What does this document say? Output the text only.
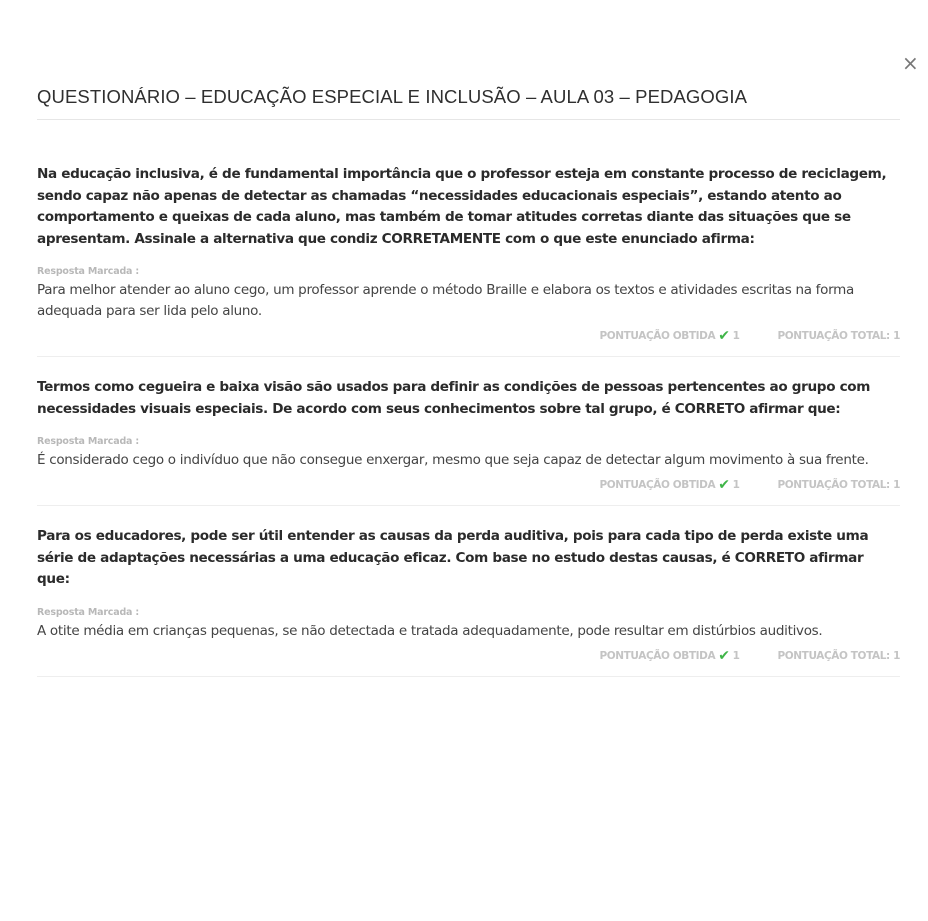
×
QUESTIONÁRIO – EDUCAÇÃO ESPECIAL E INCLUSÃO – AULA 03 – PEDAGOGIA

Na educação inclusiva, é de fundamental importância que o professor esteja em constante processo de reciclagem, sendo capaz não apenas de detectar as chamadas “necessidades educacionais especiais”, estando atento ao comportamento e queixas de cada aluno, mas também de tomar atitudes corretas diante das situações que se apresentam. Assinale a alternativa que condiz CORRETAMENTE com o que este enunciado afirma:

Resposta Marcada :
Para melhor atender ao aluno cego, um professor aprende o método Braille e elabora os textos e atividades escritas na forma adequada para ser lida pelo aluno.
PONTUAÇÃO OBTIDA ✔ 1	PONTUAÇÃO TOTAL: 1

Termos como cegueira e baixa visão são usados para definir as condições de pessoas pertencentes ao grupo com necessidades visuais especiais. De acordo com seus conhecimentos sobre tal grupo, é CORRETO afirmar que:

Resposta Marcada :
É considerado cego o indivíduo que não consegue enxergar, mesmo que seja capaz de detectar algum movimento à sua frente.
PONTUAÇÃO OBTIDA ✔ 1	PONTUAÇÃO TOTAL: 1

Para os educadores, pode ser útil entender as causas da perda auditiva, pois para cada tipo de perda existe uma série de adaptações necessárias a uma educação eficaz. Com base no estudo destas causas, é CORRETO afirmar que:

Resposta Marcada :
A otite média em crianças pequenas, se não detectada e tratada adequadamente, pode resultar em distúrbios auditivos.
PONTUAÇÃO OBTIDA ✔ 1	PONTUAÇÃO TOTAL: 1
